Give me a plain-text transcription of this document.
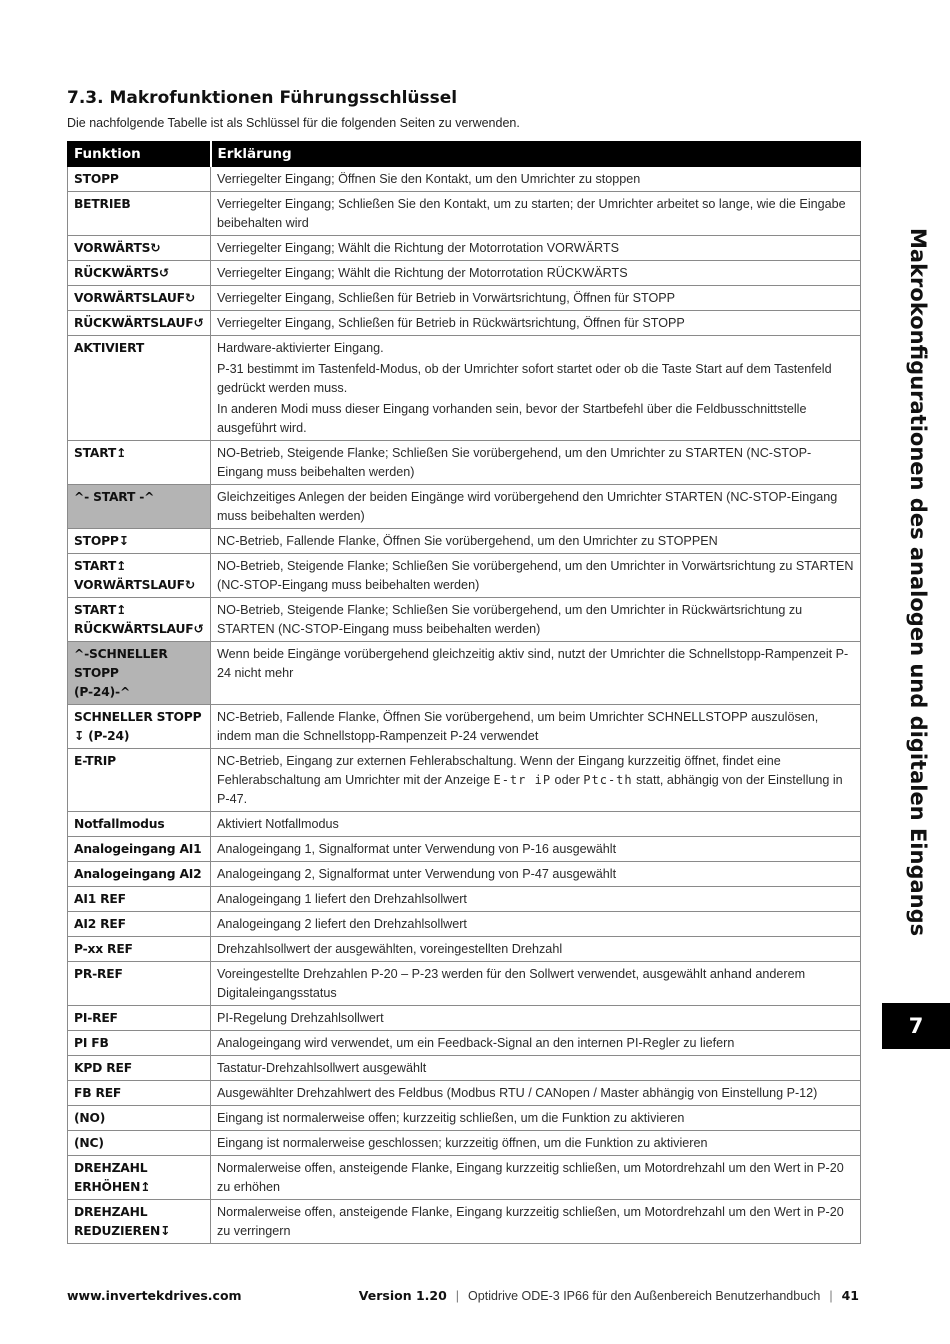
7.3. Makrofunktionen Führungsschlüssel
Die nachfolgende Tabelle ist als Schlüssel für die folgenden Seiten zu verwenden.
Funktion	Erklärung

STOPP	Verriegelter Eingang; Öffnen Sie den Kontakt, um den Umrichter zu stoppen

BETRIEB	Verriegelter Eingang; Schließen Sie den Kontakt, um zu starten; der Umrichter arbeitet so lange, wie die Eingabe beibehalten wird

VORWÄRTS↻	Verriegelter Eingang; Wählt die Richtung der Motorrotation VORWÄRTS

RÜCKWÄRTS↺	Verriegelter Eingang; Wählt die Richtung der Motorrotation RÜCKWÄRTS

VORWÄRTSLAUF↻	Verriegelter Eingang, Schließen für Betrieb in Vorwärtsrichtung, Öffnen für STOPP

RÜCKWÄRTSLAUF↺	Verriegelter Eingang, Schließen für Betrieb in Rückwärtsrichtung, Öffnen für STOPP

AKTIVIERT	Hardware-aktivierter Eingang.
P-31 bestimmt im Tastenfeld-Modus, ob der Umrichter sofort startet oder ob die Taste Start auf dem Tastenfeld gedrückt werden muss.
In anderen Modi muss dieser Eingang vorhanden sein, bevor der Startbefehl über die Feldbusschnittstelle ausgeführt wird.

START↥	NO-Betrieb, Steigende Flanke; Schließen Sie vorübergehend, um den Umrichter zu STARTEN (NC-STOP-Eingang muss beibehalten werden)

^- START -^	Gleichzeitiges Anlegen der beiden Eingänge wird vorübergehend den Umrichter STARTEN (NC-STOP-Eingang muss beibehalten werden)

STOPP↧	NC-Betrieb, Fallende Flanke, Öffnen Sie vorübergehend, um den Umrichter zu STOPPEN

START↥
VORWÄRTSLAUF↻	NO-Betrieb, Steigende Flanke; Schließen Sie vorübergehend, um den Umrichter in Vorwärtsrichtung zu STARTEN (NC-STOP-Eingang muss beibehalten werden)

START↥
RÜCKWÄRTSLAUF↺	NO-Betrieb, Steigende Flanke; Schließen Sie vorübergehend, um den Umrichter in Rückwärtsrichtung zu STARTEN (NC-STOP-Eingang muss beibehalten werden)

^-SCHNELLER STOPP
(P-24)-^	Wenn beide Eingänge vorübergehend gleichzeitig aktiv sind, nutzt der Umrichter die Schnellstopp-Rampenzeit P-24 nicht mehr

SCHNELLER STOPP
↧ (P-24)	NC-Betrieb, Fallende Flanke, Öffnen Sie vorübergehend, um beim Umrichter SCHNELLSTOPP auszulösen, indem man die Schnellstopp-Rampenzeit P-24 verwendet

E-TRIP	NC-Betrieb, Eingang zur externen Fehlerabschaltung. Wenn der Eingang kurzzeitig öffnet, findet eine Fehlerabschaltung am Umrichter mit der Anzeige E-tr iP oder Ptc-th statt, abhängig von der Einstellung in P-47.

Notfallmodus	Aktiviert Notfallmodus

Analogeingang AI1	Analogeingang 1, Signalformat unter Verwendung von P-16 ausgewählt

Analogeingang AI2	Analogeingang 2, Signalformat unter Verwendung von P-47 ausgewählt

AI1 REF	Analogeingang 1 liefert den Drehzahlsollwert

AI2 REF	Analogeingang 2 liefert den Drehzahlsollwert

P-xx REF	Drehzahlsollwert der ausgewählten, voreingestellten Drehzahl

PR-REF	Voreingestellte Drehzahlen P-20 – P-23 werden für den Sollwert verwendet, ausgewählt anhand anderem Digitaleingangsstatus

PI-REF	PI-Regelung Drehzahlsollwert

PI FB	Analogeingang wird verwendet, um ein Feedback-Signal an den internen PI-Regler zu liefern

KPD REF	Tastatur-Drehzahlsollwert ausgewählt

FB REF	Ausgewählter Drehzahlwert des Feldbus (Modbus RTU / CANopen / Master abhängig von Einstellung P-12)

(NO)	Eingang ist normalerweise offen; kurzzeitig schließen, um die Funktion zu aktivieren

(NC)	Eingang ist normalerweise geschlossen; kurzzeitig öffnen, um die Funktion zu aktivieren

DREHZAHL
ERHÖHEN↥	Normalerweise offen, ansteigende Flanke, Eingang kurzzeitig schließen, um Motordrehzahl um den Wert in P-20 zu erhöhen

DREHZAHL
REDUZIEREN↧	Normalerweise offen, ansteigende Flanke, Eingang kurzzeitig schließen, um Motordrehzahl um den Wert in P-20 zu verringern
Makrokonfigurationen des analogen und digitalen Eingangs
7
www.invertekdrives.com	Version 1.20 | Optidrive ODE-3 IP66 für den Außenbereich Benutzerhandbuch | 41
